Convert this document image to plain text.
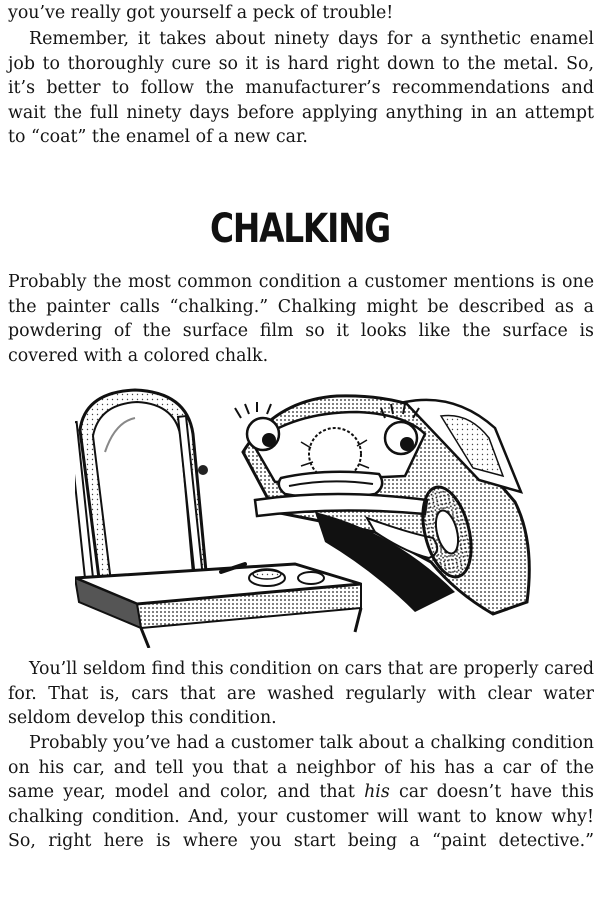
you’ve really got yourself a peck of trouble!

Remember, it takes about ninety days for a synthetic enamel job to thoroughly cure so it is hard right down to the metal. So, it’s better to follow the manufacturer’s recommendations and wait the full ninety days before applying anything in an attempt to “coat” the enamel of a new car.

CHALKING

Probably the most common condition a customer mentions is one the painter calls “chalking.” Chalking might be described as a powdering of the surface film so it looks like the surface is covered with a colored chalk.

You’ll seldom find this condition on cars that are properly cared for. That is, cars that are washed regularly with clear water seldom develop this condition.

Probably you’ve had a customer talk about a chalking condition on his car, and tell you that a neighbor of his has a car of the same year, model and color, and that his car doesn’t have this chalking condition. And, your customer will want to know why! So, right here is where you start being a “paint detective.”
